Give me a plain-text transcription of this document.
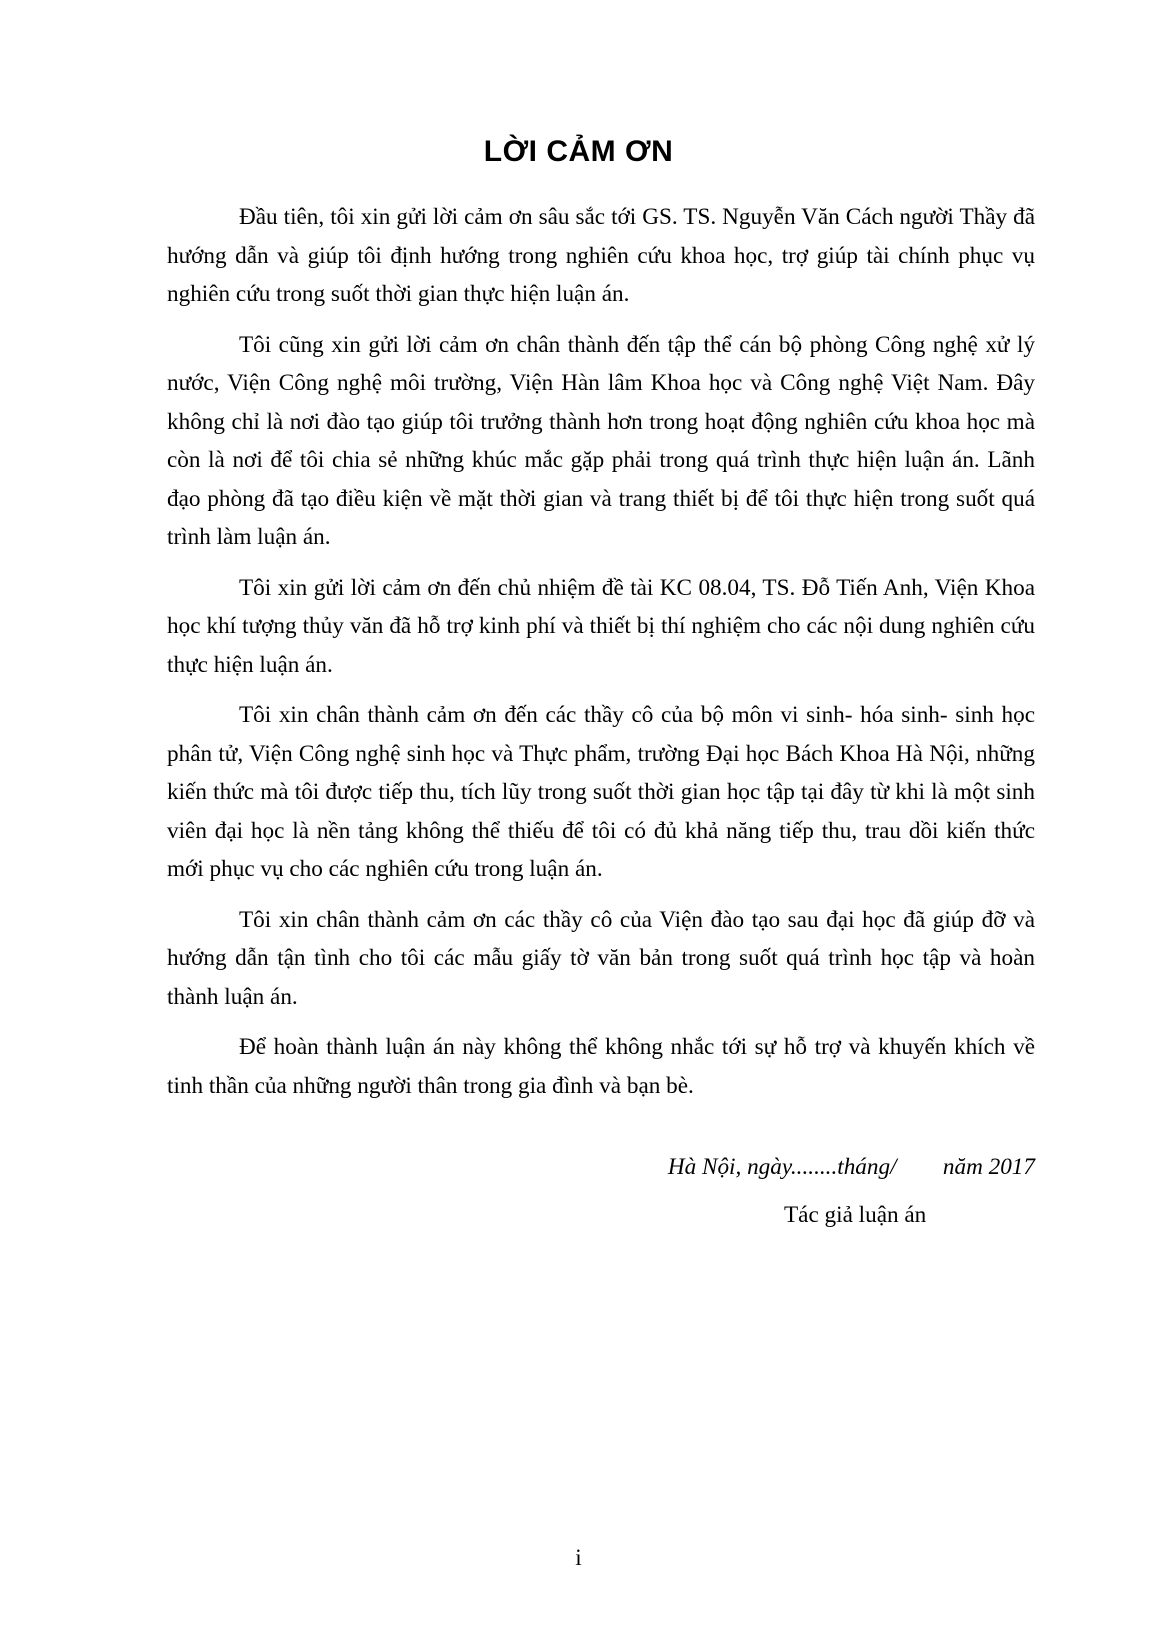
LỜI CẢM ƠN

Đầu tiên, tôi xin gửi lời cảm ơn sâu sắc tới GS. TS. Nguyễn Văn Cách người Thầy đã hướng dẫn và giúp tôi định hướng trong nghiên cứu khoa học, trợ giúp tài chính phục vụ nghiên cứu trong suốt thời gian thực hiện luận án.

Tôi cũng xin gửi lời cảm ơn chân thành đến tập thể cán bộ phòng Công nghệ xử lý nước, Viện Công nghệ môi trường, Viện Hàn lâm Khoa học và Công nghệ Việt Nam. Đây không chỉ là nơi đào tạo giúp tôi trưởng thành hơn trong hoạt động nghiên cứu khoa học mà còn là nơi để tôi chia sẻ những khúc mắc gặp phải trong quá trình thực hiện luận án. Lãnh đạo phòng đã tạo điều kiện về mặt thời gian và trang thiết bị để tôi thực hiện trong suốt quá trình làm luận án.

Tôi xin gửi lời cảm ơn đến chủ nhiệm đề tài KC 08.04, TS. Đỗ Tiến Anh, Viện Khoa học khí tượng thủy văn đã hỗ trợ kinh phí và thiết bị thí nghiệm cho các nội dung nghiên cứu thực hiện luận án.

Tôi xin chân thành cảm ơn đến các thầy cô của bộ môn vi sinh- hóa sinh- sinh học phân tử, Viện Công nghệ sinh học và Thực phẩm, trường Đại học Bách Khoa Hà Nội, những kiến thức mà tôi được tiếp thu, tích lũy trong suốt thời gian học tập tại đây từ khi là một sinh viên đại học là nền tảng không thể thiếu để tôi có đủ khả năng tiếp thu, trau dồi kiến thức mới phục vụ cho các nghiên cứu trong luận án.

Tôi xin chân thành cảm ơn các thầy cô của Viện đào tạo sau đại học đã giúp đỡ và hướng dẫn tận tình cho tôi các mẫu giấy tờ văn bản trong suốt quá trình học tập và hoàn thành luận án.

Để hoàn thành luận án này không thể không nhắc tới sự hỗ trợ và khuyến khích về tinh thần của những người thân trong gia đình và bạn bè.

Hà Nội, ngày........tháng/        năm 2017
Tác giả luận án
i
